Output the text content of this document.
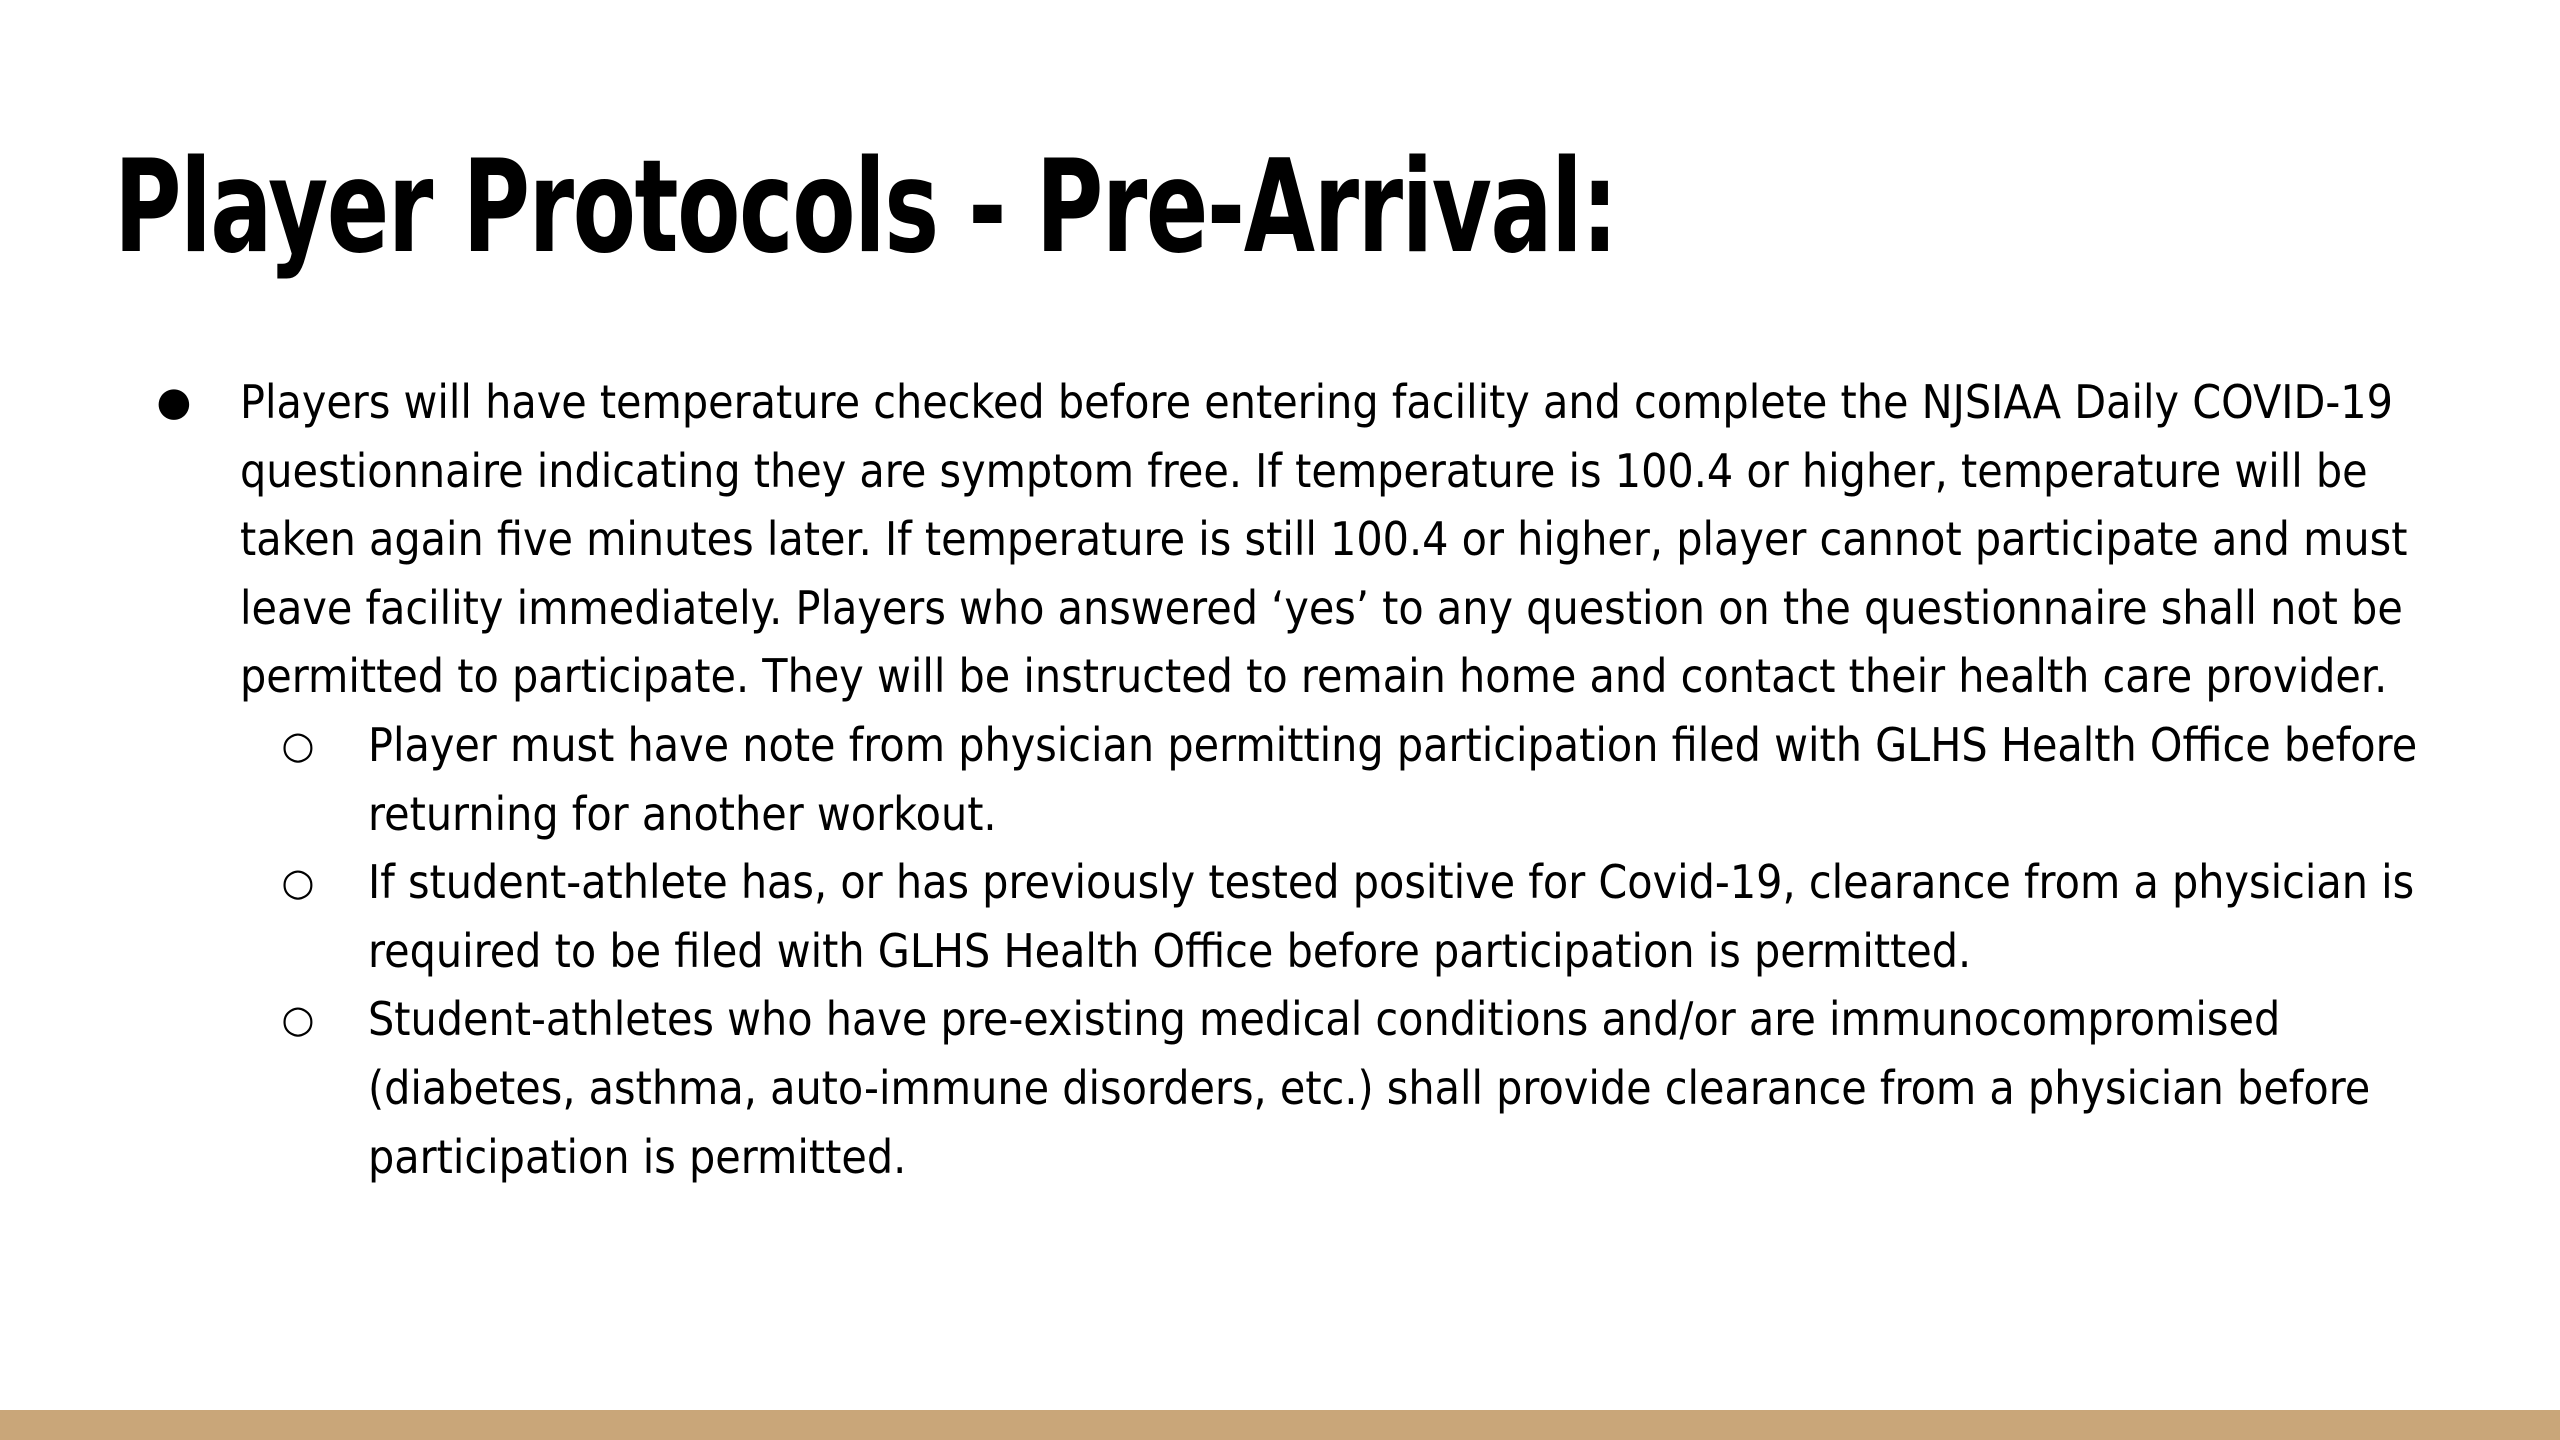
Player Protocols - Pre-Arrival:
● Players will have temperature checked before entering facility and complete the NJSIAA Daily COVID-19 questionnaire indicating they are symptom free. If temperature is 100.4 or higher, temperature will be taken again five minutes later. If temperature is still 100.4 or higher, player cannot participate and must leave facility immediately. Players who answered ‘yes’ to any question on the questionnaire shall not be permitted to participate. They will be instructed to remain home and contact their health care provider.
○ Player must have note from physician permitting participation filed with GLHS Health Office before returning for another workout.
○ If student-athlete has, or has previously tested positive for Covid-19, clearance from a physician is required to be filed with GLHS Health Office before participation is permitted.
○ Student-athletes who have pre-existing medical conditions and/or are immunocompromised (diabetes, asthma, auto-immune disorders, etc.) shall provide clearance from a physician before participation is permitted.
